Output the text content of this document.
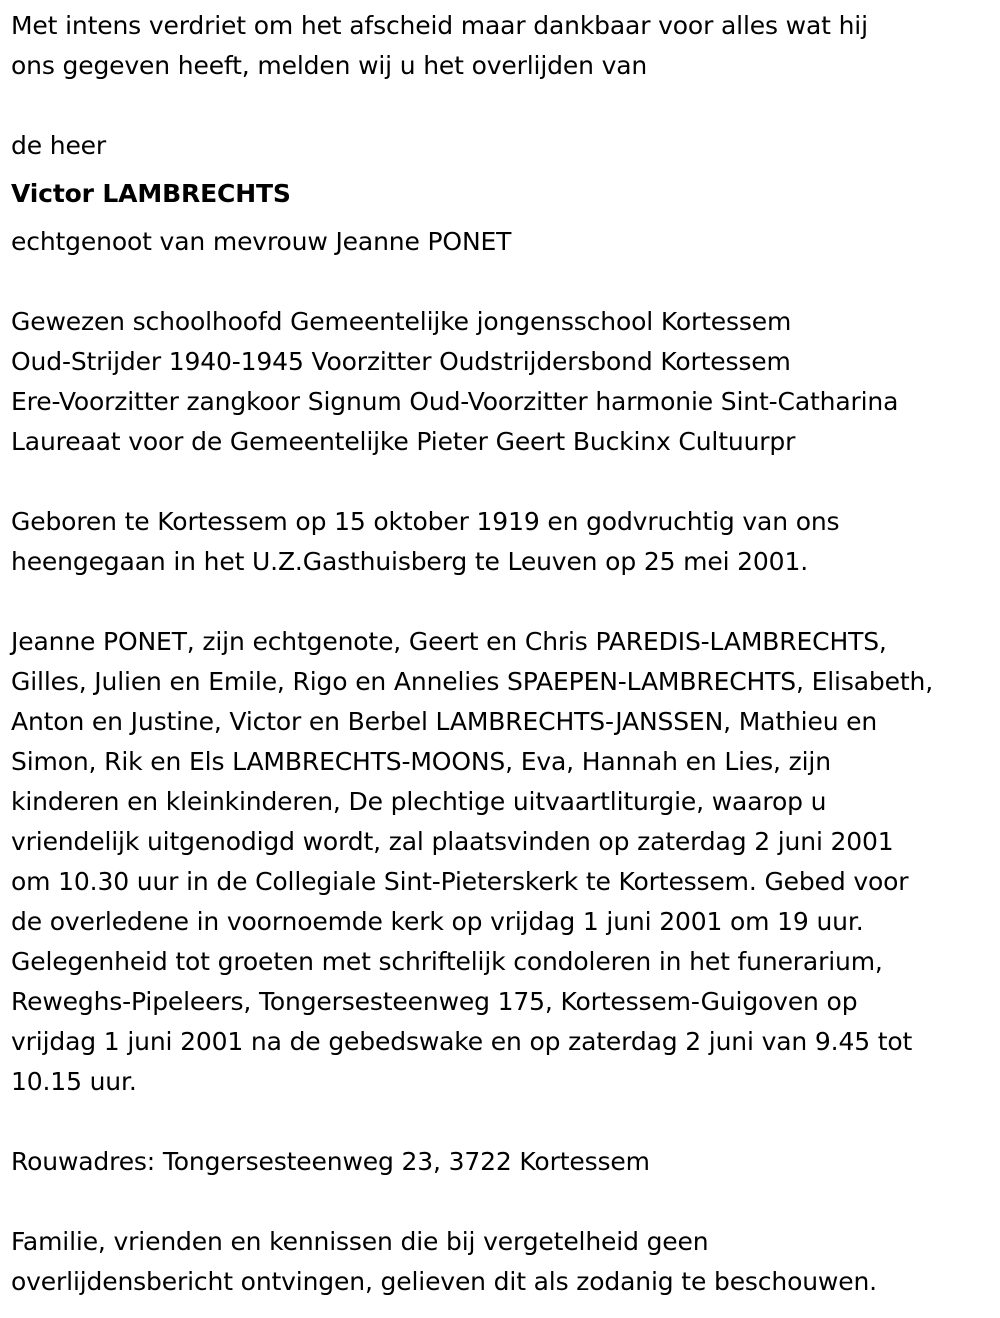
Met intens verdriet om het afscheid maar dankbaar voor alles wat hij
ons gegeven heeft, melden wij u het overlijden van
de heer
Victor LAMBRECHTS
echtgenoot van mevrouw Jeanne PONET
Gewezen schoolhoofd Gemeentelijke jongensschool Kortessem
Oud-Strijder 1940-1945 Voorzitter Oudstrijdersbond Kortessem
Ere-Voorzitter zangkoor Signum Oud-Voorzitter harmonie Sint-Catharina
Laureaat voor de Gemeentelijke Pieter Geert Buckinx Cultuurpr
Geboren te Kortessem op 15 oktober 1919 en godvruchtig van ons
heengegaan in het U.Z.Gasthuisberg te Leuven op 25 mei 2001.
Jeanne PONET, zijn echtgenote, Geert en Chris PAREDIS-LAMBRECHTS,
Gilles, Julien en Emile, Rigo en Annelies SPAEPEN-LAMBRECHTS, Elisabeth,
Anton en Justine, Victor en Berbel LAMBRECHTS-JANSSEN, Mathieu en
Simon, Rik en Els LAMBRECHTS-MOONS, Eva, Hannah en Lies, zijn
kinderen en kleinkinderen, De plechtige uitvaartliturgie, waarop u
vriendelijk uitgenodigd wordt, zal plaatsvinden op zaterdag 2 juni 2001
om 10.30 uur in de Collegiale Sint-Pieterskerk te Kortessem. Gebed voor
de overledene in voornoemde kerk op vrijdag 1 juni 2001 om 19 uur.
Gelegenheid tot groeten met schriftelijk condoleren in het funerarium,
Reweghs-Pipeleers, Tongersesteenweg 175, Kortessem-Guigoven op
vrijdag 1 juni 2001 na de gebedswake en op zaterdag 2 juni van 9.45 tot
10.15 uur.
Rouwadres: Tongersesteenweg 23, 3722 Kortessem
Familie, vrienden en kennissen die bij vergetelheid geen
overlijdensbericht ontvingen, gelieven dit als zodanig te beschouwen.
